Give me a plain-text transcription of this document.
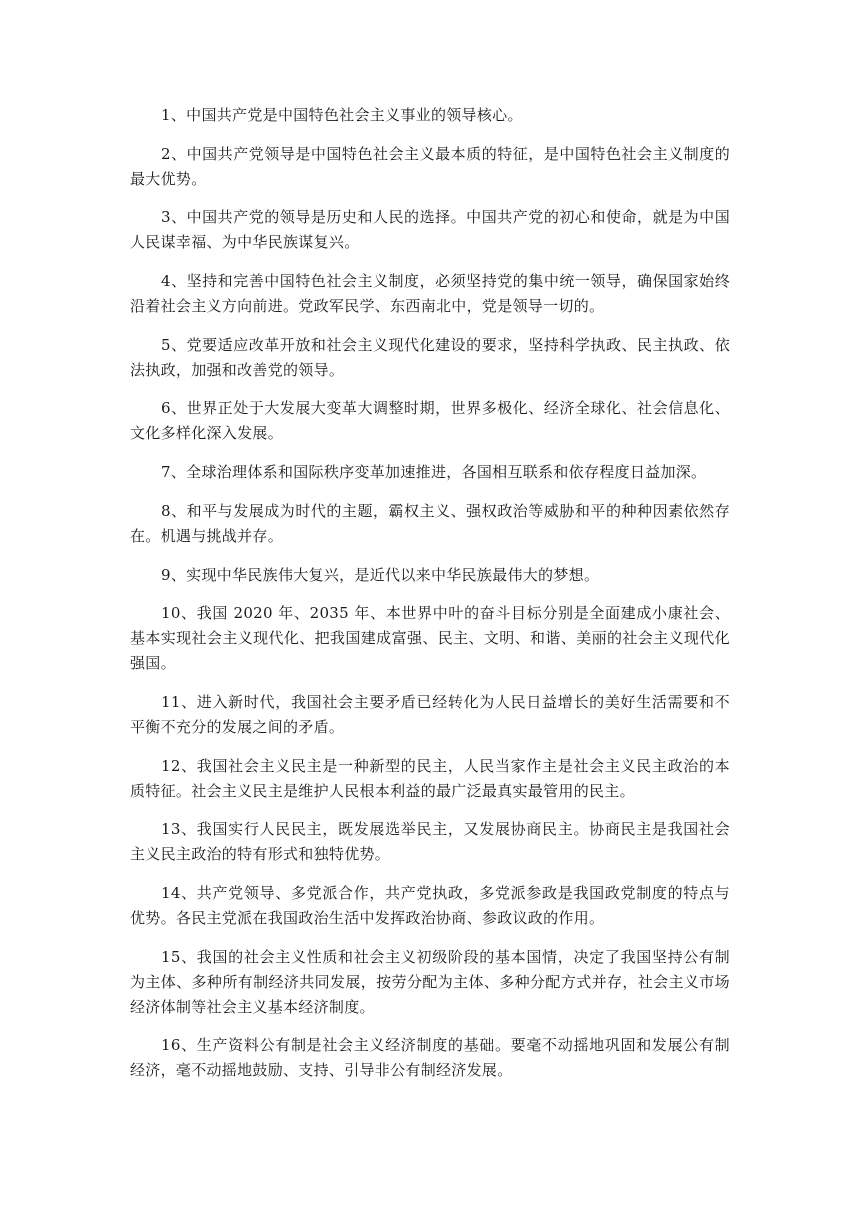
1、中国共产党是中国特色社会主义事业的领导核心。

2、中国共产党领导是中国特色社会主义最本质的特征，是中国特色社会主义制度的最大优势。

3、中国共产党的领导是历史和人民的选择。中国共产党的初心和使命，就是为中国人民谋幸福、为中华民族谋复兴。

4、坚持和完善中国特色社会主义制度，必须坚持党的集中统一领导，确保国家始终沿着社会主义方向前进。党政军民学、东西南北中，党是领导一切的。

5、党要适应改革开放和社会主义现代化建设的要求，坚持科学执政、民主执政、依法执政，加强和改善党的领导。

6、世界正处于大发展大变革大调整时期，世界多极化、经济全球化、社会信息化、文化多样化深入发展。

7、全球治理体系和国际秩序变革加速推进，各国相互联系和依存程度日益加深。

8、和平与发展成为时代的主题，霸权主义、强权政治等威胁和平的种种因素依然存在。机遇与挑战并存。

9、实现中华民族伟大复兴，是近代以来中华民族最伟大的梦想。

10、我国 2020 年、2035 年、本世界中叶的奋斗目标分别是全面建成小康社会、基本实现社会主义现代化、把我国建成富强、民主、文明、和谐、美丽的社会主义现代化强国。

11、进入新时代，我国社会主要矛盾已经转化为人民日益增长的美好生活需要和不平衡不充分的发展之间的矛盾。

12、我国社会主义民主是一种新型的民主，人民当家作主是社会主义民主政治的本质特征。社会主义民主是维护人民根本利益的最广泛最真实最管用的民主。

13、我国实行人民民主，既发展选举民主，又发展协商民主。协商民主是我国社会主义民主政治的特有形式和独特优势。

14、共产党领导、多党派合作，共产党执政，多党派参政是我国政党制度的特点与优势。各民主党派在我国政治生活中发挥政治协商、参政议政的作用。

15、我国的社会主义性质和社会主义初级阶段的基本国情，决定了我国坚持公有制为主体、多种所有制经济共同发展，按劳分配为主体、多种分配方式并存，社会主义市场经济体制等社会主义基本经济制度。

16、生产资料公有制是社会主义经济制度的基础。要毫不动摇地巩固和发展公有制经济，毫不动摇地鼓励、支持、引导非公有制经济发展。
